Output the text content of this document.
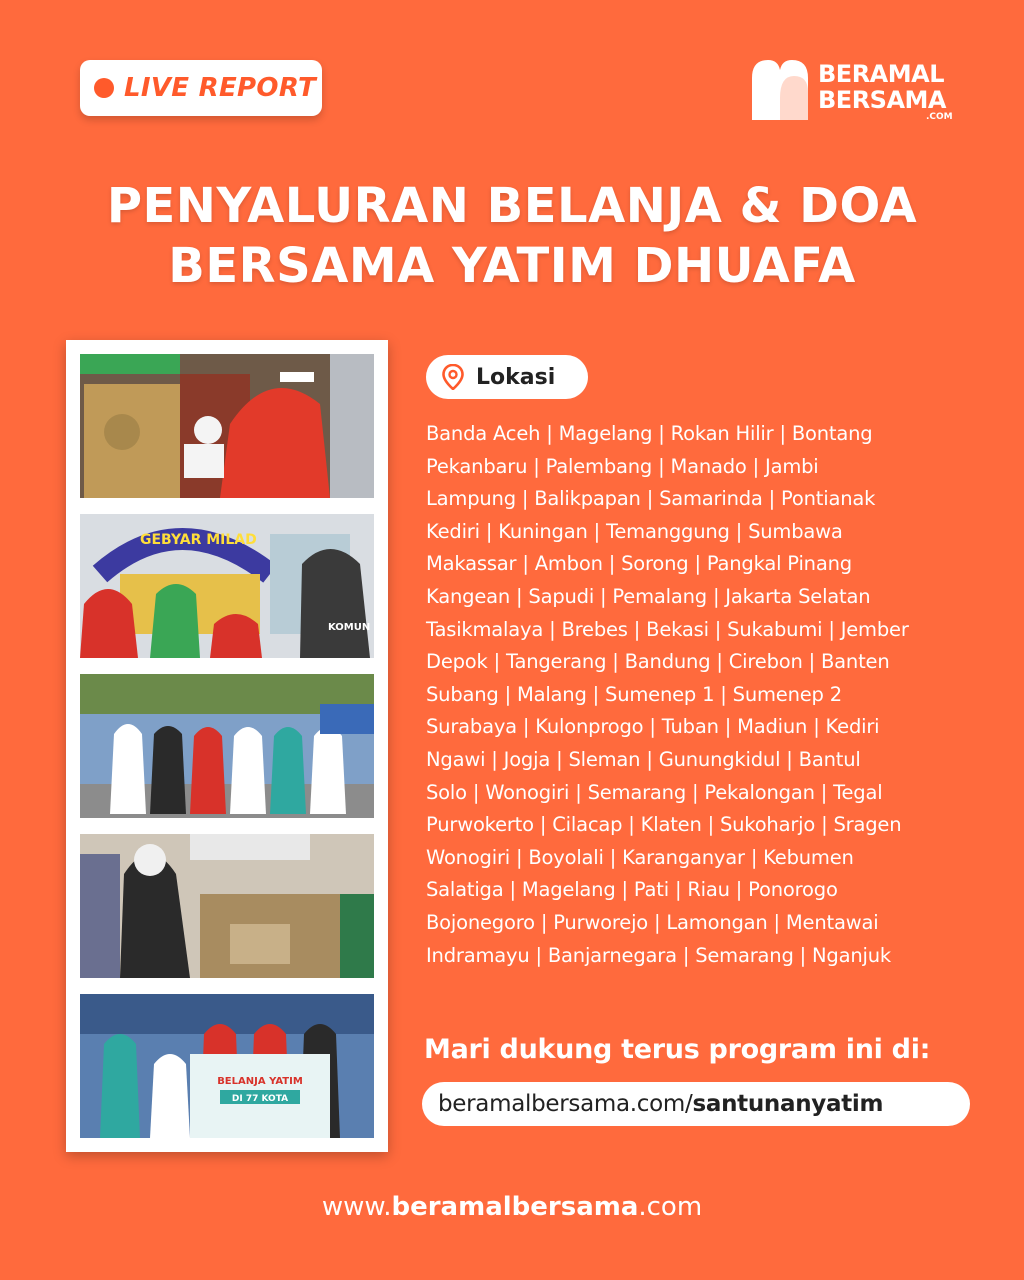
LIVE REPORT	BERAMAL
BERSAMA
.COM
PENYALURAN BELANJA & DOA
BERSAMA YATIM DHUAFA
GEBYAR MILAD
KOMUN
BELANJA YATIM
DI 77 KOTA
Lokasi
Banda Aceh | Magelang | Rokan Hilir | Bontang
Pekanbaru | Palembang | Manado | Jambi
Lampung | Balikpapan | Samarinda | Pontianak
Kediri | Kuningan | Temanggung | Sumbawa
Makassar | Ambon | Sorong | Pangkal Pinang
Kangean | Sapudi | Pemalang | Jakarta Selatan
Tasikmalaya | Brebes | Bekasi | Sukabumi | Jember
Depok | Tangerang | Bandung | Cirebon | Banten
Subang | Malang | Sumenep 1 | Sumenep 2
Surabaya | Kulonprogo | Tuban | Madiun | Kediri
Ngawi | Jogja | Sleman | Gunungkidul | Bantul
Solo | Wonogiri | Semarang | Pekalongan | Tegal
Purwokerto | Cilacap | Klaten | Sukoharjo | Sragen
Wonogiri | Boyolali | Karanganyar | Kebumen
Salatiga | Magelang | Pati | Riau | Ponorogo
Bojonegoro | Purworejo | Lamongan | Mentawai
Indramayu | Banjarnegara | Semarang | Nganjuk
Mari dukung terus program ini di:
beramalbersama.com/ santunanyatim
www.beramalbersama.com
